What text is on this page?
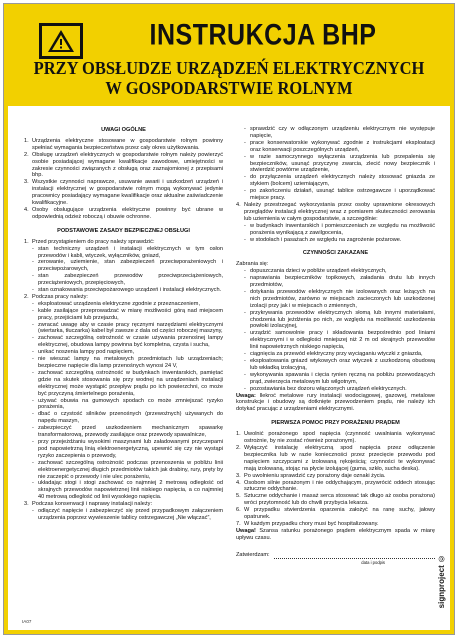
INSTRUKCJA BHP
PRZY OBSŁUDZE URZĄDZEŃ ELEKTRYCZNYCH
W GOSPODARSTWIE ROLNYM
UWAGI OGÓLNE
1. Urządzenia elektryczne stosowane w gospodarstwie rolnym powinny spełniać wymagania bezpieczeństwa przez cały okres użytkowania.
2. Obsługę urządzeń elektrycznych w gospodarstwie rolnym należy powierzyć osobie posiadającej wymagane kwalifikacje zawodowe, umiejętności w zakresie czynności związanych z obsługą oraz zaznajomionej z przepisami bhp.
3. Wszystkie czynności naprawcze, usuwanie awarii i uszkodzeń urządzeń i instalacji elektrycznej w gospodarstwie rolnym mogą wykonywać jedynie pracownicy posiadający wymagane kwalifikacje oraz aktualne zaświadczenie kwalifikacyjne.
4. Osoby obsługujące urządzenia elektryczne powinny być ubrane w odpowiednią odzież roboczą i obuwie ochronne.
PODSTAWOWE ZASADY BEZPIECZNEJ OBSŁUGI
1. Przed przystąpieniem do pracy należy sprawdzić:
- stan techniczny urządzeń i instalacji elektrycznych w tym osłon przewodów i kabli, wtyczek, wyłączników, gniazd,
- zerowanie, uziemienie, stan zabezpieczeń przeciwporażeniowych i przeciwpożarowych,
- stan zabezpieczeń przewodów przeciwprzeciążeniowych, przeciążeniowych, przepięciowych,
- stan oznakowania przeciwpożarowego urządzeń i instalacji elektrycznych.
2. Podczas pracy należy:
- eksploatować urządzenia elektryczne zgodnie z przeznaczeniem,
- kable zasilające przeprowadzać w miarę możliwości górą nad miejscem pracy, przejściami lub przejazdu,
- zwracać uwagę aby w czasie pracy ręcznymi narzędziami elektrycznymi (wiertarka, tłuczarka) kabel był zawsze z dala od części roboczej maszyny,
- zachować szczególną ostrożność w czasie używania przenośnej lampy elektrycznej, obudowa lampy powinna być kompletna, czysta i sucha,
- unikać noszenia lampy pod napięciem,
- nie wieszać lampy na metalowych przedmiotach lub urządzeniach; bezpieczne napięcie dla lamp przenośnych wynosi 24 V,
- zachować szczególną ostrożność w budynkach inwentarskich, pamiętać gdzie na skutek stosowania się przy wodnej na urządzeniach instalacji elektrycznej może wystąpić przepływ prądu po ich powierzchni, co może być przyczyną śmiertelnego porażenia,
- używać obuwia na gumowych spodach co może zmniejszać ryzyko porażenia,
- dbać o czystość silników przenośnych (przewoźnych) używanych do napędu maszyn,
- zabezpieczyć przed uszkodzeniem mechanicznym spawarkę transformatorową, przewody zasilające oraz przewody spawalnicze,
- przy przejeżdżaniu wysokimi maszynami lub załadowanymi przyczepami pod napowietrzną linią elektroenergetyczną, upewnić się czy nie wystąpi ryzyko zaczepienia o przewody,
- zachować szczególną ostrożność podczas przenoszenia w pobliżu linii elektroenergetycznej długich przedmiotów takich jak drabiny, rury, pręty by nie zaczepić o przewody i nie ulec porażeniu,
- układając stogi i stogi zachować co najmniej 2 metrową odległość od skrajnych przewodów napowietrznej linii niskiego napięcia, a co najmniej 40 metrową odległość od linii wysokiego napięcia.
3. Podczas konserwacji i naprawy instalacji należy:
- odłączyć napięcie i zabezpieczyć się przed przypadkowym załączeniem urządzenia poprzez wywieszenie tablicy ostrzegawczej „Nie włączać”,
- sprawdzić czy w odłączonym urządzeniu elektrycznym nie występuje napięcie,
- prace konserwatorskie wykonywać zgodnie z instrukcjami eksploatacji oraz konserwacji poszczególnych urządzeń,
- w razie samoczynnego wyłączenia urządzenia lub przepalenia się bezpieczników, usunąć przyczynę zwarcia, zlecić nowy bezpiecznik i stwierdzić powtórne urządzenie,
- do przyłączenia urządzeń elektrycznych należy stosować gniazda ze stykiem (bolcem) uziemiającym,
- po zakończeniu działań, usunąć tablice ostrzegawcze i uporządkować miejsce pracy.
4. Należy przestrzegać wykorzystania przez osoby uprawnione okresowych przeglądów instalacji elektrycznej wraz z pomiarem skuteczności zerowania lub uziemienia w całym gospodarstwie, a szczególnie:
- w budynkach inwentarskich i pomieszczeniach ze względu na możliwość porażenia wynikającą z zawilgocenia,
- w stodołach i pasażach ze względu na zagrożenie pożarowe.
CZYNNOŚCI ZAKAZANE
Zabrania się:
- dopuszczania dzieci w pobliże urządzeń elektrycznych,
- naprawiania bezpieczników topikowych, załadania drutu lub innych przedmiotów,
- dotykania przewodów elektrycznych nie izolowanych oraz leżących na nich przedmiotów, zarówno w miejscach zacieczonych lub uszkodzonej izolacji przy jak i w miejscach o zmiennych,
- przykrywania przewodów elektrycznych słomą lub innymi materiałami, chodzenia lub jeżdżenia po nich, ze względu na możliwość uszkodzenia powłoki izolacyjnej,
- urządzić samowolnie pracy i składowania bezpośrednio pod liniami elektrycznymi i w odległości mniejszej niż 2 m od skrajnych przewodów linii napowietrznych niskiego napięcia,
- ciągnięcia za przewód elektryczny przy wyciąganiu wtyczki z gniazda,
- eksploatowania gniazd wtykowych oraz wtyczek z uszkodzoną obudową lub wkładką izolacyjną,
- wykonywania spawania i cięcia rynien ręczną na pobliżu przewodzących prąd, zwierzęcia metalowym lub wilgotnym,
- pozostawiania bez dozoru włączonych urządzeń elektrycznych.
Uwaga: Ilekroć metalowe rury instalacji wodociągowej, gazowej, metalowe konstrukcje i obudowy są dotknięte przewodzeniem prądu, nie należy ich dotykać pracując z urządzeniami elektrycznymi.
PIERWSZA POMOC PRZY PORAŻENIU PRĄDEM
1. Uwolnić porażonego spod napięcia (czynność uwalniania wykonywać ostrożnie, by nie zostać również porażonym).
2. Wyłączyć instalację elektryczną spod napięcia przez odłączenie bezpiecznika lub w razie konieczności przez przecięcie przewodu pod napięciem szczypcami z izolowaną rękojeścią; czynności te wykonywać mają izolowaną, stojąc na płycie izolującej (guma, szkło, sucha deska).
3. Po uwolnieniu sprawdzić czy porażony daje oznaki życia.
4. Osobom silnie porażonym i nie oddychającym, przywrócić oddech stosując sztuczne oddychanie.
5. Sztuczne oddychanie i masaż serca stosować tak długo aż osoba porażona) wróci przytomność lub do chwili przybycia lekarza.
6. W przypadku stwierdzenia oparzenia założyć na ranę suchy, jałowy opatrunek.
7. W każdym przypadku chory musi być hospitalizowany.
Uwaga! Szansa ratunku porażonego prądem elektrycznym spada w miarę upływu czasu.
Zatwierdzam:
data i podpis
IA07
signproject ©
